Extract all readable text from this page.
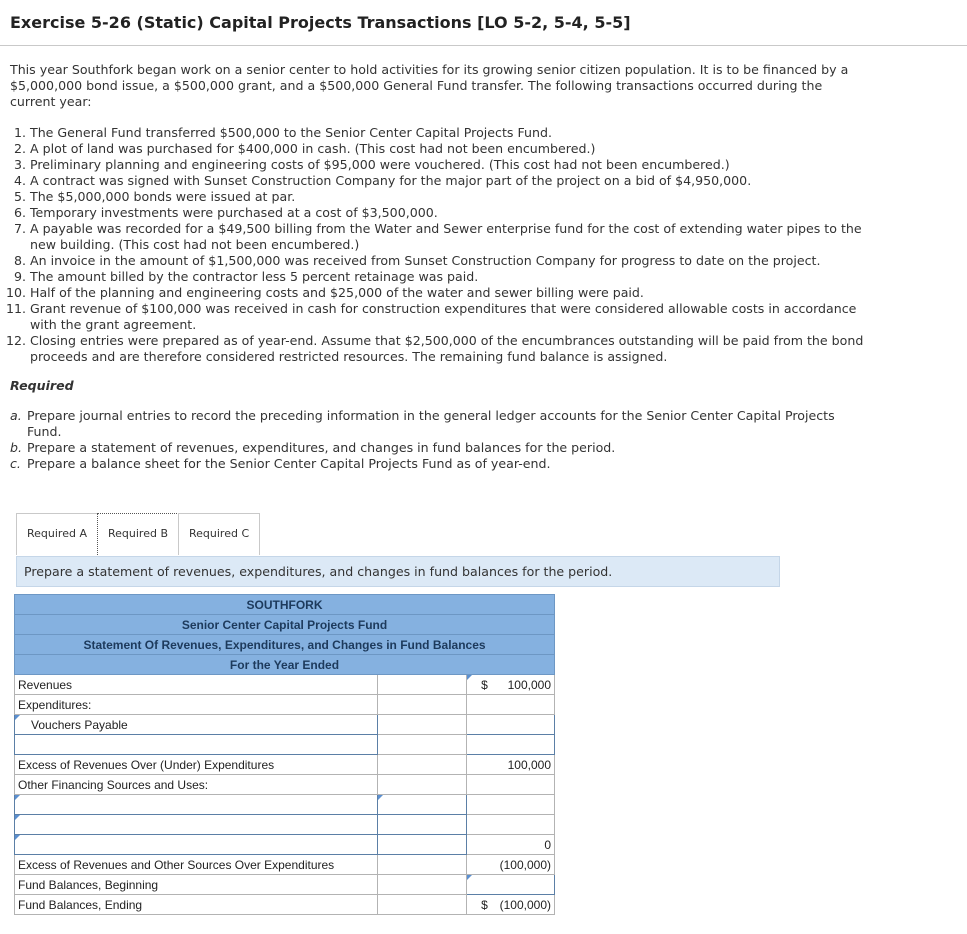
Exercise 5-26 (Static) Capital Projects Transactions [LO 5-2, 5-4, 5-5]
This year Southfork began work on a senior center to hold activities for its growing senior citizen population. It is to be financed by a $5,000,000 bond issue, a $500,000 grant, and a $500,000 General Fund transfer. The following transactions occurred during the current year:
1. The General Fund transferred $500,000 to the Senior Center Capital Projects Fund.
2. A plot of land was purchased for $400,000 in cash. (This cost had not been encumbered.)
3. Preliminary planning and engineering costs of $95,000 were vouchered. (This cost had not been encumbered.)
4. A contract was signed with Sunset Construction Company for the major part of the project on a bid of $4,950,000.
5. The $5,000,000 bonds were issued at par.
6. Temporary investments were purchased at a cost of $3,500,000.
7. A payable was recorded for a $49,500 billing from the Water and Sewer enterprise fund for the cost of extending water pipes to the new building. (This cost had not been encumbered.)
8. An invoice in the amount of $1,500,000 was received from Sunset Construction Company for progress to date on the project.
9. The amount billed by the contractor less 5 percent retainage was paid.
10. Half of the planning and engineering costs and $25,000 of the water and sewer billing were paid.
11. Grant revenue of $100,000 was received in cash for construction expenditures that were considered allowable costs in accordance with the grant agreement.
12. Closing entries were prepared as of year-end. Assume that $2,500,000 of the encumbrances outstanding will be paid from the bond proceeds and are therefore considered restricted resources. The remaining fund balance is assigned.
Required
a. Prepare journal entries to record the preceding information in the general ledger accounts for the Senior Center Capital Projects Fund.
b. Prepare a statement of revenues, expenditures, and changes in fund balances for the period.
c. Prepare a balance sheet for the Senior Center Capital Projects Fund as of year-end.
Required A	Required B	Required C
Prepare a statement of revenues, expenditures, and changes in fund balances for the period.
SOUTHFORK		
Senior Center Capital Projects Fund		
Statement Of Revenues, Expenditures, and Changes in Fund Balances		
For the Year Ended		
Revenues		$ 100,000
Expenditures:		

Vouchers Payable		

Excess of Revenues Over (Under) Expenditures		100,000
Other Financing Sources and Uses:		

		0
Excess of Revenues and Other Sources Over Expenditures		(100,000)
Fund Balances, Beginning		

Fund Balances, Ending		$ (100,000)
